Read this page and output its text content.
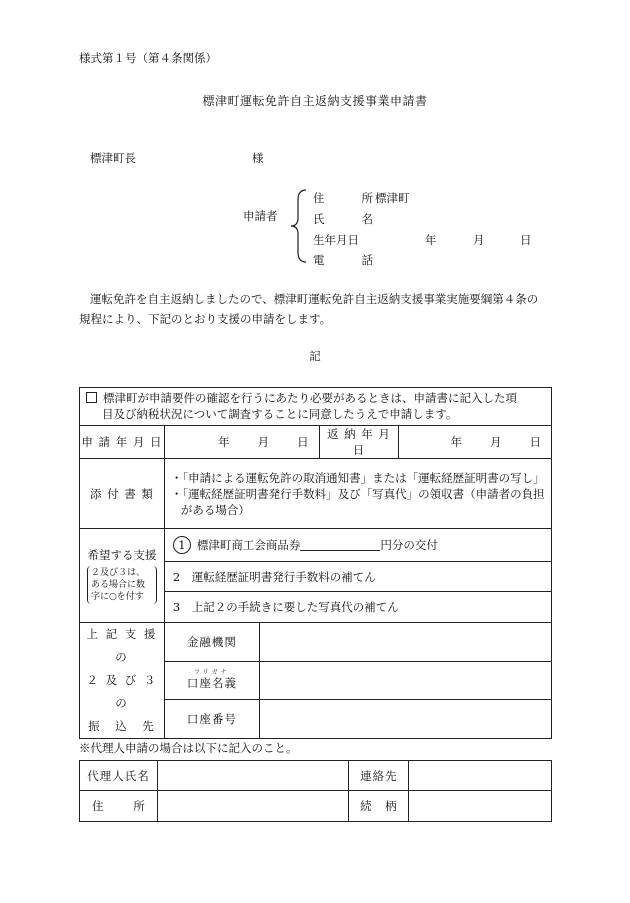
様式第１号（第４条関係）
標津町運転免許自主返納支援事業申請書
標津町長	様
申請者
住	所 標津町
氏	名
生年月日	年	月	日
電	話
運転免許を自主返納しましたので、標津町運転免許自主返納支援事業実施要綱第４条の規程により、下記のとおり支援の申請をします。
記
標津町が申請要件の確認を行うにあたり必要があるときは、申請書に記入した項
目及び納税状況について調査することに同意したうえで申請します。				

申 請 年 月 日	年 月 日		返 納 年 月 日	年 月 日

添 付 書 類	・「申請による運転免許の取消通知書」または「運転経歴証明書の写し」
・「運転経歴証明書発行手数料」及び「写真代」の領収書（申請者の負担がある場合）			

希望する支援
２及び３は、ある場合に数字に○を付す	1 標津町商工会商品券 円分の交付			
	2　 運転経歴証明書発行手数料の補てん			
	3　 上記２の手続きに要した写真代の補てん			

上 記 支 援 の
２ 及 び ３ の
振　込　先	金融機関			

	フリガナ
口座名義			
	口座番号			
※代理人申請の場合は以下に記入のこと。
代理人氏名		連絡先	

住 所		続　柄	
